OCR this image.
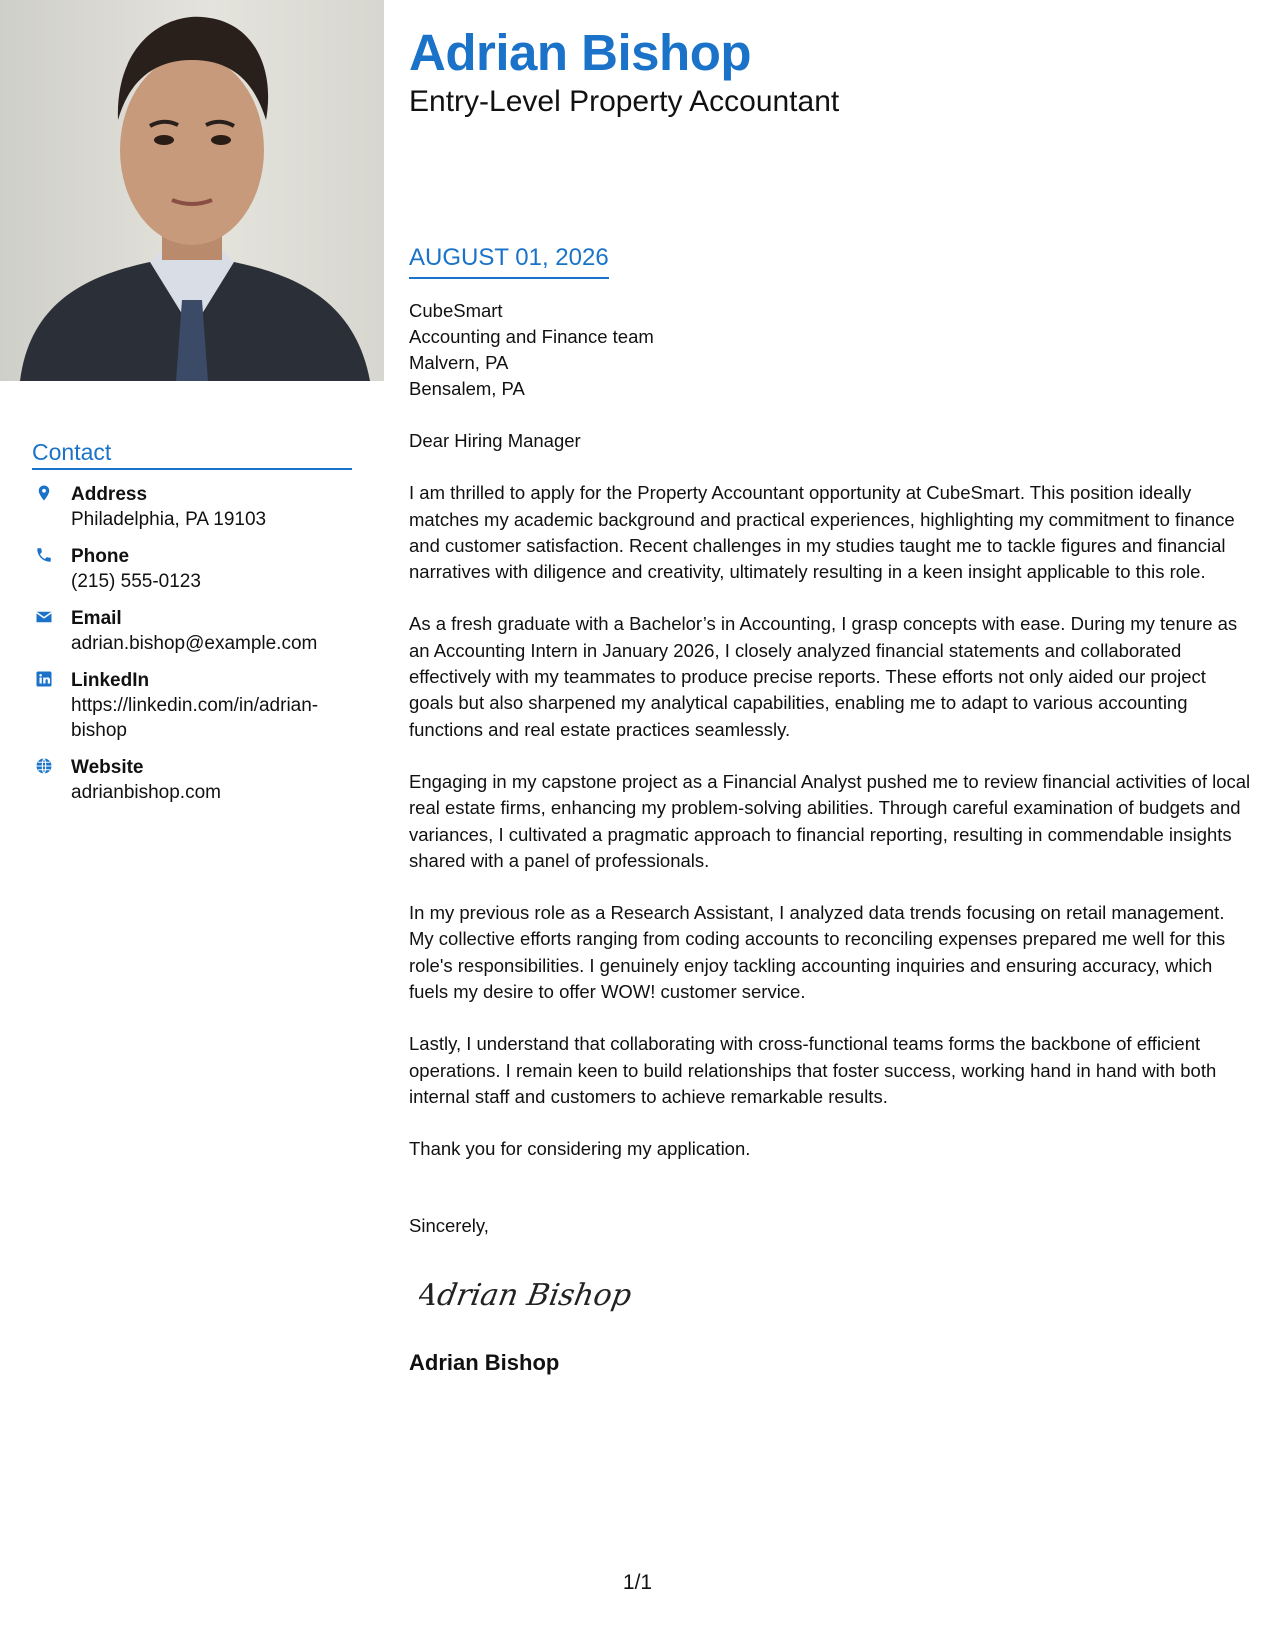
Contact
Address
Philadelphia, PA 19103
Phone
(215) 555-0123
Email
adrian.bishop@example.com
LinkedIn
https://linkedin.com/in/adrian-bishop
Website
adrianbishop.com
Adrian Bishop
Entry-Level Property Accountant
AUGUST 01, 2026
CubeSmart
Accounting and Finance team
Malvern, PA
Bensalem, PA
Dear Hiring Manager

I am thrilled to apply for the Property Accountant opportunity at CubeSmart. This position ideally matches my academic background and practical experiences, highlighting my commitment to finance and customer satisfaction. Recent challenges in my studies taught me to tackle figures and financial narratives with diligence and creativity, ultimately resulting in a keen insight applicable to this role.

As a fresh graduate with a Bachelor’s in Accounting, I grasp concepts with ease. During my tenure as an Accounting Intern in January 2026, I closely analyzed financial statements and collaborated effectively with my teammates to produce precise reports. These efforts not only aided our project goals but also sharpened my analytical capabilities, enabling me to adapt to various accounting functions and real estate practices seamlessly.

Engaging in my capstone project as a Financial Analyst pushed me to review financial activities of local real estate firms, enhancing my problem-solving abilities. Through careful examination of budgets and variances, I cultivated a pragmatic approach to financial reporting, resulting in commendable insights shared with a panel of professionals.

In my previous role as a Research Assistant, I analyzed data trends focusing on retail management. My collective efforts ranging from coding accounts to reconciling expenses prepared me well for this role's responsibilities. I genuinely enjoy tackling accounting inquiries and ensuring accuracy, which fuels my desire to offer WOW! customer service.

Lastly, I understand that collaborating with cross-functional teams forms the backbone of efficient operations. I remain keen to build relationships that foster success, working hand in hand with both internal staff and customers to achieve remarkable results.

Thank you for considering my application.

Sincerely,
Adrian Bishop
Adrian Bishop
1/1
